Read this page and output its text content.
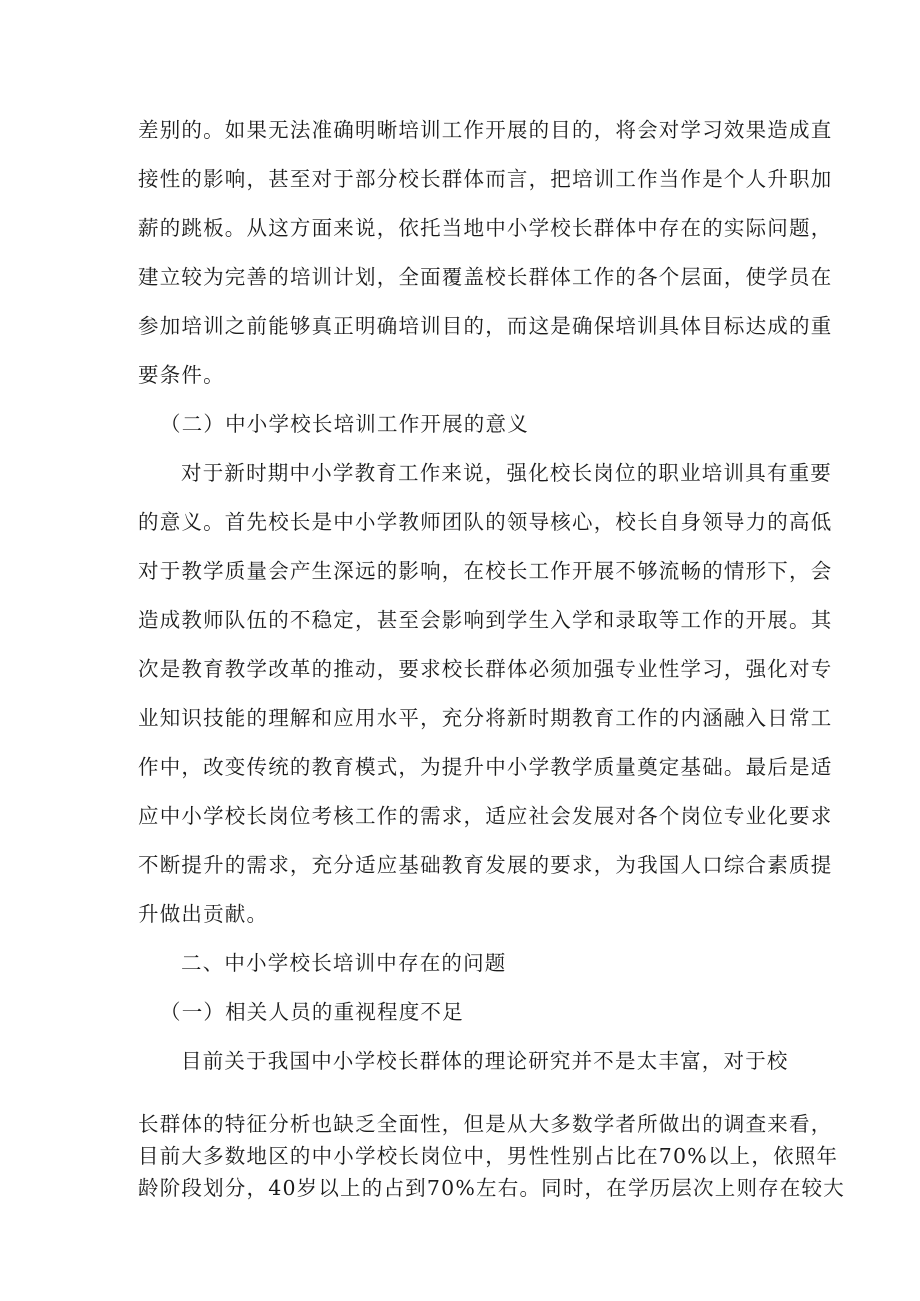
差别的。如果无法准确明晰培训工作开展的目的，将会对学习效果造成直
接性的影响，甚至对于部分校长群体而言，把培训工作当作是个人升职加
薪的跳板。从这方面来说，依托当地中小学校长群体中存在的实际问题，
建立较为完善的培训计划，全面覆盖校长群体工作的各个层面，使学员在
参加培训之前能够真正明确培训目的，而这是确保培训具体目标达成的重
要条件。
（二）中小学校长培训工作开展的意义
对于新时期中小学教育工作来说，强化校长岗位的职业培训具有重要
的意义。首先校长是中小学教师团队的领导核心，校长自身领导力的高低
对于教学质量会产生深远的影响，在校长工作开展不够流畅的情形下，会
造成教师队伍的不稳定，甚至会影响到学生入学和录取等工作的开展。其
次是教育教学改革的推动，要求校长群体必须加强专业性学习，强化对专
业知识技能的理解和应用水平，充分将新时期教育工作的内涵融入日常工
作中，改变传统的教育模式，为提升中小学教学质量奠定基础。最后是适
应中小学校长岗位考核工作的需求，适应社会发展对各个岗位专业化要求
不断提升的需求，充分适应基础教育发展的要求，为我国人口综合素质提
升做出贡献。
二、中小学校长培训中存在的问题
（一）相关人员的重视程度不足
目前关于我国中小学校长群体的理论研究并不是太丰富，对于校
长群体的特征分析也缺乏全面性，但是从大多数学者所做出的调查来看，
目前大多数地区的中小学校长岗位中，男性性别占比在70%以上，依照年
龄阶段划分，40岁以上的占到70%左右。同时，在学历层次上则存在较大
